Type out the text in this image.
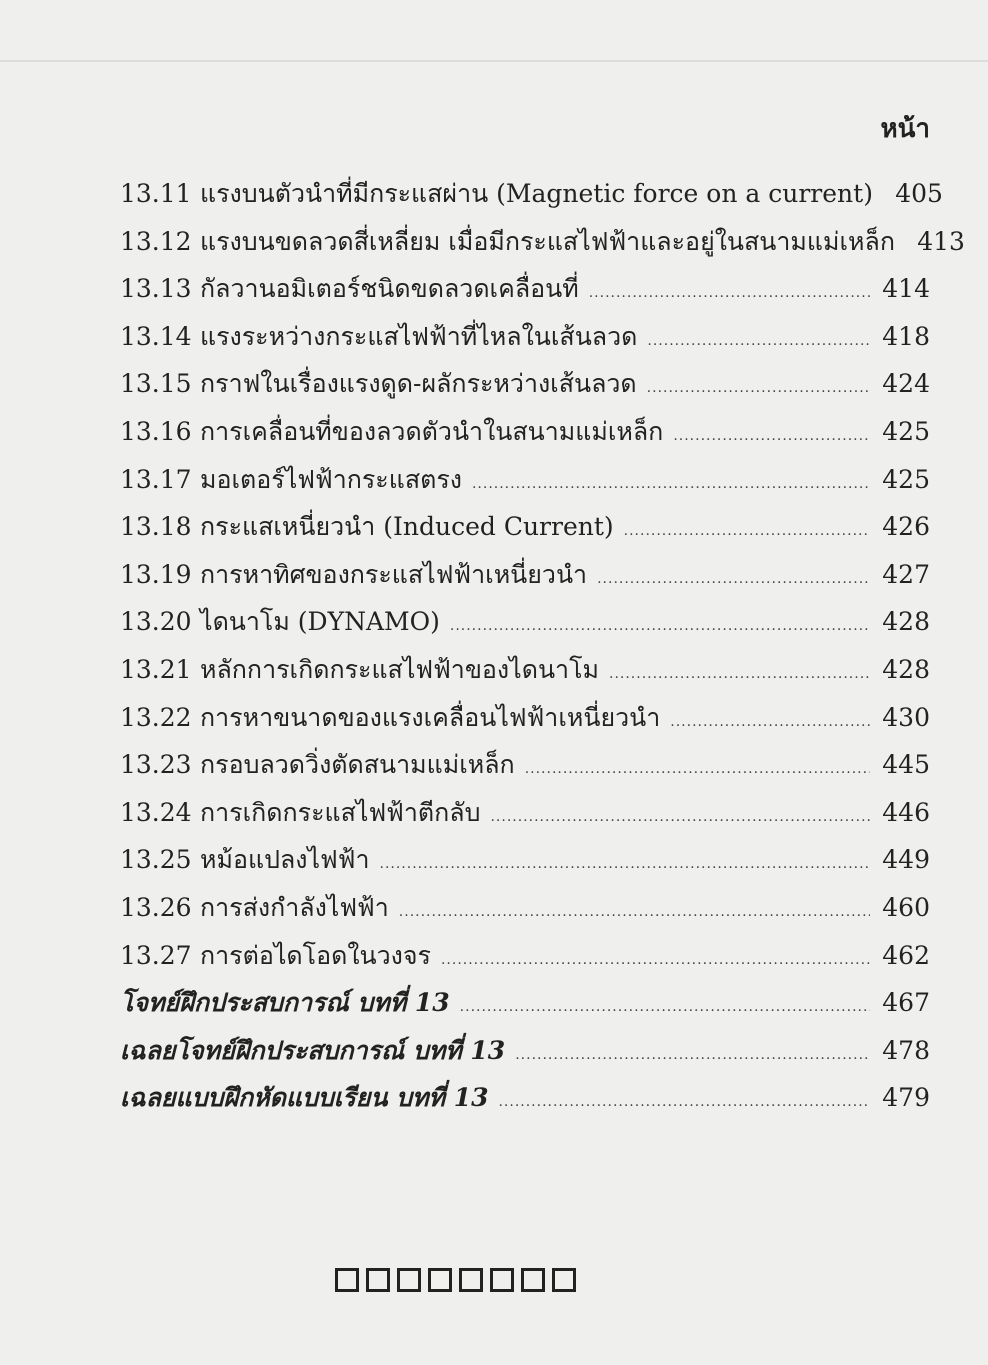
หน้า
13.11 แรงบนตัวนำที่มีกระแสผ่าน (Magnetic force on a current) 405
13.12 แรงบนขดลวดสี่เหลี่ยม เมื่อมีกระแสไฟฟ้าและอยู่ในสนามแม่เหล็ก 413
13.13 กัลวานอมิเตอร์ชนิดขดลวดเคลื่อนที่ .....	414
13.14 แรงระหว่างกระแสไฟฟ้าที่ไหลในเส้นลวด .....	418
13.15 กราฟในเรื่องแรงดูด-ผลักระหว่างเส้นลวด .....	424
13.16 การเคลื่อนที่ของลวดตัวนำในสนามแม่เหล็ก .....	425
13.17 มอเตอร์ไฟฟ้ากระแสตรง .....	425
13.18 กระแสเหนี่ยวนำ (Induced Current) .....	426
13.19 การหาทิศของกระแสไฟฟ้าเหนี่ยวนำ .....	427
13.20 ไดนาโม (DYNAMO) .....	428
13.21 หลักการเกิดกระแสไฟฟ้าของไดนาโม .....	428
13.22 การหาขนาดของแรงเคลื่อนไฟฟ้าเหนี่ยวนำ .....	430
13.23 กรอบลวดวิ่งตัดสนามแม่เหล็ก .....	445
13.24 การเกิดกระแสไฟฟ้าตีกลับ .....	446
13.25 หม้อแปลงไฟฟ้า .....	449
13.26 การส่งกำลังไฟฟ้า .....	460
13.27 การต่อไดโอดในวงจร .....	462
โจทย์ฝึกประสบการณ์ บทที่ 13 .....	467
เฉลยโจทย์ฝึกประสบการณ์ บทที่ 13 .....	478
เฉลยแบบฝึกหัดแบบเรียน บทที่ 13 .....	479
